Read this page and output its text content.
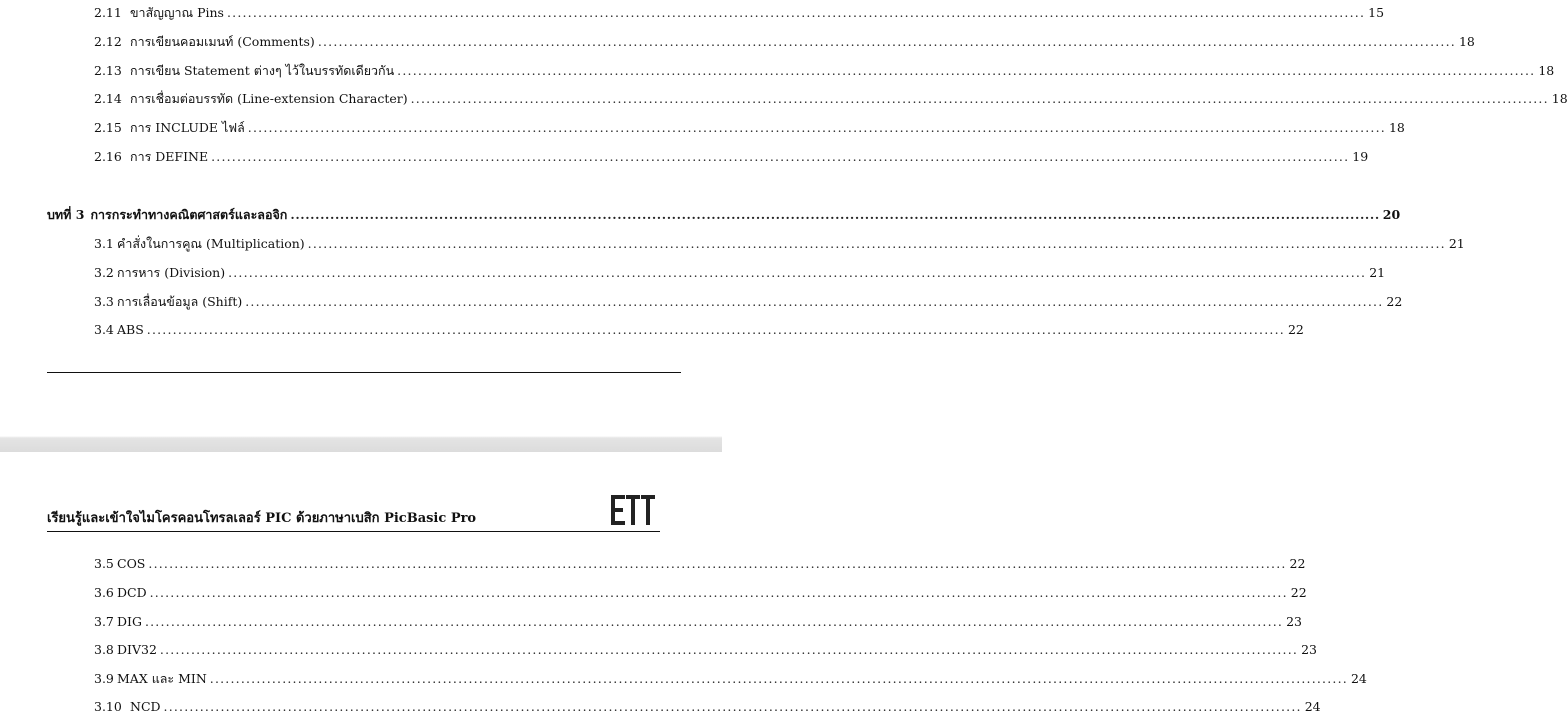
2.11 ขาสัญญาณ Pins ............................................................................................................................................................................................................................ 15
2.12 การเขียนคอมเมนท์ (Comments) ............................................................................................................................................................................................................................ 18
2.13 การเขียน Statement ต่างๆ ไว้ในบรรทัดเดียวกัน ............................................................................................................................................................................................................................ 18
2.14 การเชื่อมต่อบรรทัด (Line-extension Character) ............................................................................................................................................................................................................................ 18
2.15 การ INCLUDE ไฟล์ ............................................................................................................................................................................................................................ 18
2.16 การ DEFINE ............................................................................................................................................................................................................................ 19
บทที่ 3 การกระทำทางคณิตศาสตร์และลอจิก ............................................................................................................................................................................................................................ 20
3.1 คำสั่งในการคูณ (Multiplication) ............................................................................................................................................................................................................................ 21
3.2 การหาร (Division) ............................................................................................................................................................................................................................ 21
3.3 การเลื่อนข้อมูล (Shift) ............................................................................................................................................................................................................................ 22
3.4 ABS ............................................................................................................................................................................................................................ 22
เรียนรู้และเข้าใจไมโครคอนโทรลเลอร์ PIC ด้วยภาษาเบสิก PicBasic Pro
3.5 COS ............................................................................................................................................................................................................................ 22
3.6 DCD ............................................................................................................................................................................................................................ 22
3.7 DIG ............................................................................................................................................................................................................................ 23
3.8 DIV32 ............................................................................................................................................................................................................................ 23
3.9 MAX และ MIN ............................................................................................................................................................................................................................ 24
3.10 NCD ............................................................................................................................................................................................................................ 24
